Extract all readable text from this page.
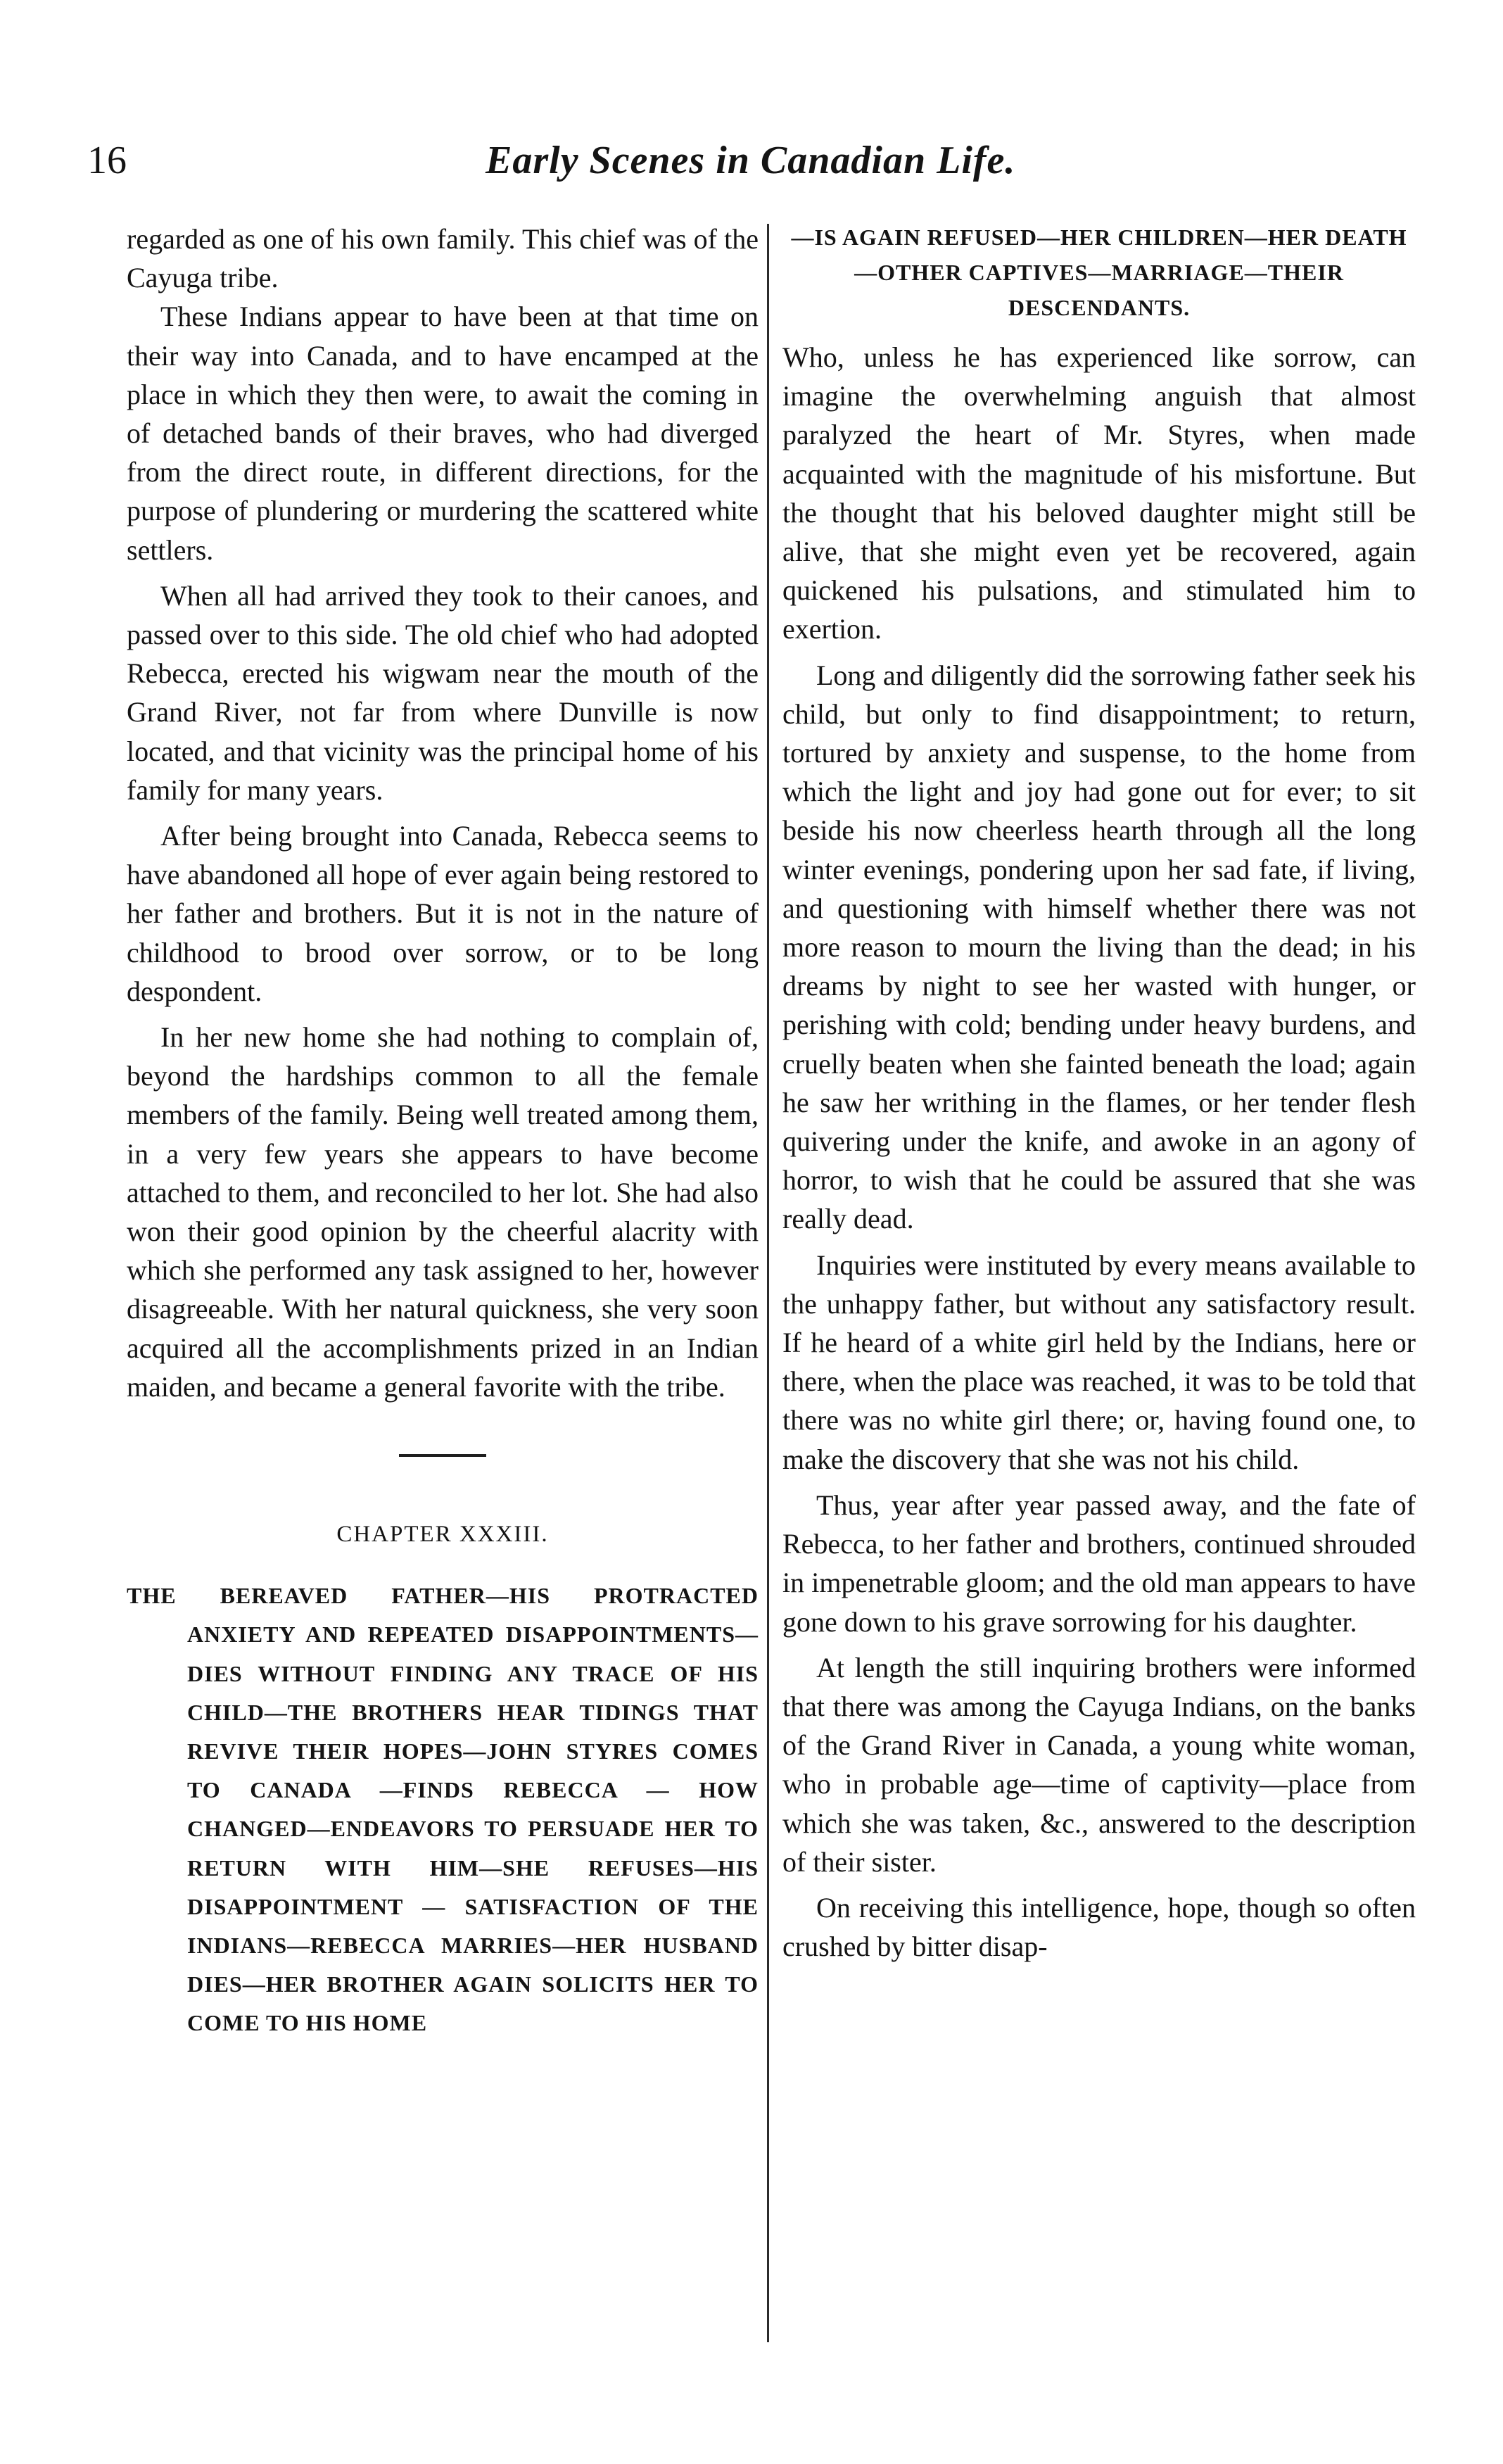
16	Early Scenes in Canadian Life.

regarded as one of his own family. This chief was of the Cayuga tribe.

These Indians appear to have been at that time on their way into Canada, and to have encamped at the place in which they then were, to await the coming in of detached bands of their braves, who had diverged from the direct route, in different directions, for the purpose of plundering or murdering the scattered white settlers.

When all had arrived they took to their canoes, and passed over to this side. The old chief who had adopted Rebecca, erected his wigwam near the mouth of the Grand River, not far from where Dunville is now located, and that vicinity was the principal home of his family for many years.

After being brought into Canada, Rebecca seems to have abandoned all hope of ever again being restored to her father and brothers. But it is not in the nature of childhood to brood over sorrow, or to be long despondent.

In her new home she had nothing to complain of, beyond the hardships common to all the female members of the family. Being well treated among them, in a very few years she appears to have become attached to them, and reconciled to her lot. She had also won their good opinion by the cheerful alacrity with which she performed any task assigned to her, however disagreeable. With her natural quickness, she very soon acquired all the accomplishments prized in an Indian maiden, and became a general favorite with the tribe.

CHAPTER XXXIII.
THE BEREAVED FATHER—HIS PROTRACTED ANXIETY AND REPEATED DISAPPOINTMENTS—DIES WITHOUT FINDING ANY TRACE OF HIS CHILD—THE BROTHERS HEAR TIDINGS THAT REVIVE THEIR HOPES—JOHN STYRES COMES TO CANADA —FINDS REBECCA — HOW CHANGED—ENDEAVORS TO PERSUADE HER TO RETURN WITH HIM—SHE REFUSES—HIS DISAPPOINTMENT — SATISFACTION OF THE INDIANS—REBECCA MARRIES—HER HUSBAND DIES—HER BROTHER AGAIN SOLICITS HER TO COME TO HIS HOME
—IS AGAIN REFUSED—HER CHILDREN—HER DEATH—OTHER CAPTIVES—MARRIAGE—THEIR DESCENDANTS.

Who, unless he has experienced like sorrow, can imagine the overwhelming anguish that almost paralyzed the heart of Mr. Styres, when made acquainted with the magnitude of his misfortune. But the thought that his beloved daughter might still be alive, that she might even yet be recovered, again quickened his pulsations, and stimulated him to exertion.

Long and diligently did the sorrowing father seek his child, but only to find disappointment; to return, tortured by anxiety and suspense, to the home from which the light and joy had gone out for ever; to sit beside his now cheerless hearth through all the long winter evenings, pondering upon her sad fate, if living, and questioning with himself whether there was not more reason to mourn the living than the dead; in his dreams by night to see her wasted with hunger, or perishing with cold; bending under heavy burdens, and cruelly beaten when she fainted beneath the load; again he saw her writhing in the flames, or her tender flesh quivering under the knife, and awoke in an agony of horror, to wish that he could be assured that she was really dead.

Inquiries were instituted by every means available to the unhappy father, but without any satisfactory result. If he heard of a white girl held by the Indians, here or there, when the place was reached, it was to be told that there was no white girl there; or, having found one, to make the discovery that she was not his child.

Thus, year after year passed away, and the fate of Rebecca, to her father and brothers, continued shrouded in impenetrable gloom; and the old man appears to have gone down to his grave sorrowing for his daughter.

At length the still inquiring brothers were informed that there was among the Cayuga Indians, on the banks of the Grand River in Canada, a young white woman, who in probable age—time of captivity—place from which she was taken, &c., answered to the description of their sister.

On receiving this intelligence, hope, though so often crushed by bitter disap-
